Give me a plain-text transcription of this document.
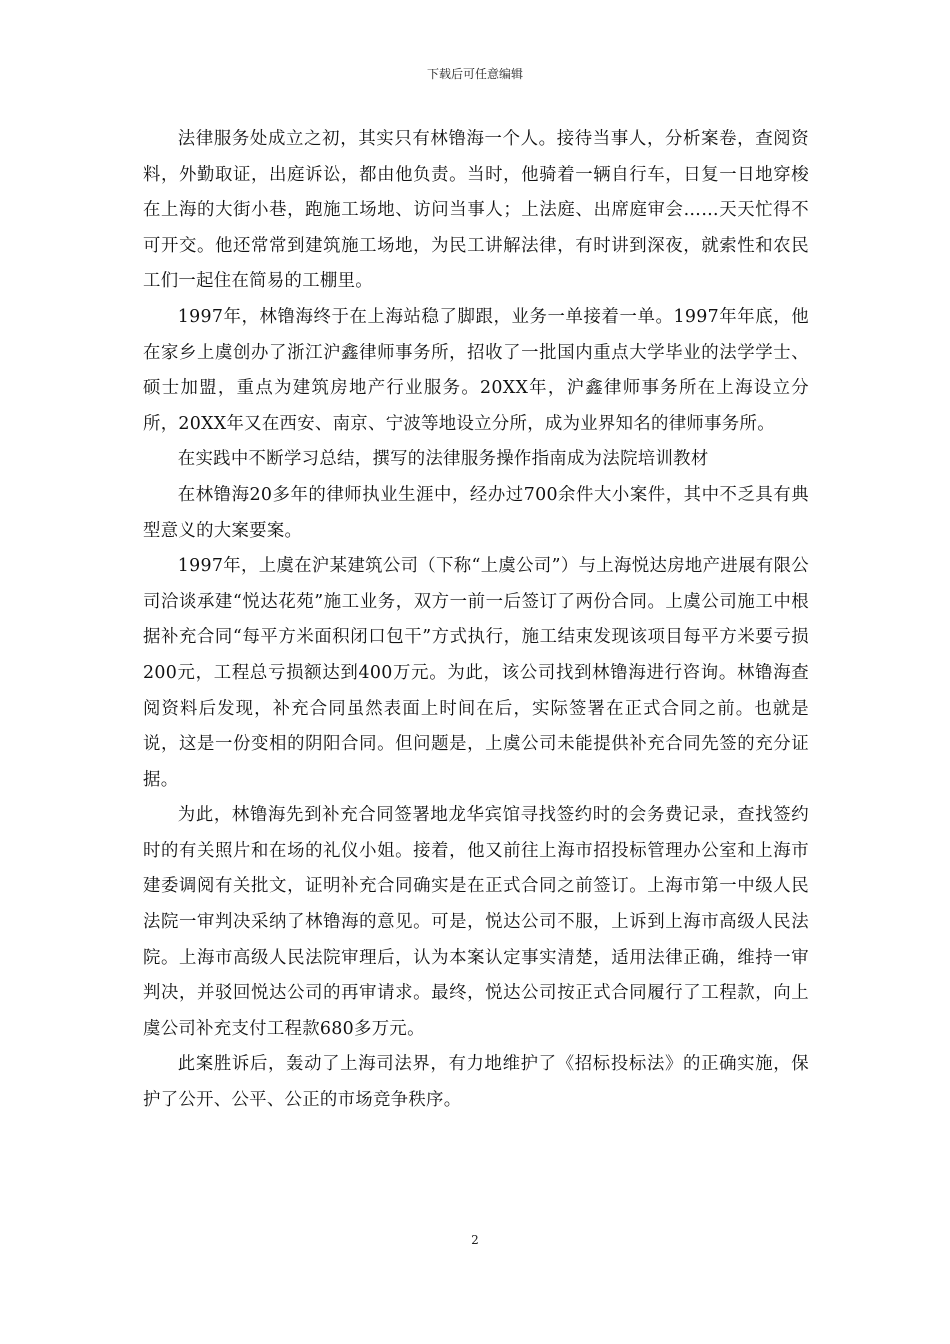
下载后可任意编辑

法律服务处成立之初，其实只有林镥海一个人。接待当事人，分析案卷，查阅资料，外勤取证，出庭诉讼，都由他负责。当时，他骑着一辆自行车，日复一日地穿梭在上海的大街小巷，跑施工场地、访问当事人；上法庭、出席庭审会……天天忙得不可开交。他还常常到建筑施工场地，为民工讲解法律，有时讲到深夜，就索性和农民工们一起住在简易的工棚里。

1997年，林镥海终于在上海站稳了脚跟，业务一单接着一单。1997年年底，他在家乡上虞创办了浙江沪鑫律师事务所，招收了一批国内重点大学毕业的法学学士、硕士加盟，重点为建筑房地产行业服务。20XX年，沪鑫律师事务所在上海设立分所，20XX年又在西安、南京、宁波等地设立分所，成为业界知名的律师事务所。

在实践中不断学习总结，撰写的法律服务操作指南成为法院培训教材

在林镥海20多年的律师执业生涯中，经办过700余件大小案件，其中不乏具有典型意义的大案要案。

1997年，上虞在沪某建筑公司（下称“上虞公司”）与上海悦达房地产进展有限公司洽谈承建“悦达花苑”施工业务，双方一前一后签订了两份合同。上虞公司施工中根据补充合同“每平方米面积闭口包干”方式执行，施工结束发现该项目每平方米要亏损200元，工程总亏损额达到400万元。为此，该公司找到林镥海进行咨询。林镥海查阅资料后发现，补充合同虽然表面上时间在后，实际签署在正式合同之前。也就是说，这是一份变相的阴阳合同。但问题是，上虞公司未能提供补充合同先签的充分证据。

为此，林镥海先到补充合同签署地龙华宾馆寻找签约时的会务费记录，查找签约时的有关照片和在场的礼仪小姐。接着，他又前往上海市招投标管理办公室和上海市建委调阅有关批文，证明补充合同确实是在正式合同之前签订。上海市第一中级人民法院一审判决采纳了林镥海的意见。可是，悦达公司不服，上诉到上海市高级人民法院。上海市高级人民法院审理后，认为本案认定事实清楚，适用法律正确，维持一审判决，并驳回悦达公司的再审请求。最终，悦达公司按正式合同履行了工程款，向上虞公司补充支付工程款680多万元。

此案胜诉后，轰动了上海司法界，有力地维护了《招标投标法》的正确实施，保护了公开、公平、公正的市场竞争秩序。

2
